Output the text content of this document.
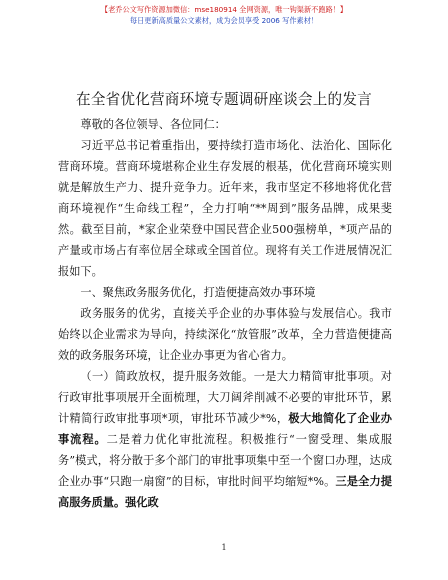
【老乔公文写作资源加微信：mse180914 全网资源，唯一钩渠新不跑路！】
每日更新高质量公文素材，成为会员享受 2006 写作素材！
在全省优化营商环境专题调研座谈会上的发言

尊敬的各位领导、各位同仁：

习近平总书记着重指出，要持续打造市场化、法治化、国际化营商环境。营商环境堪称企业生存发展的根基，优化营商环境实则就是解放生产力、提升竞争力。近年来，我市坚定不移地将优化营商环境视作“生命线工程”，全力打响“**周到”服务品牌，成果斐然。截至目前，*家企业荣登中国民营企业500强榜单，*项产品的产量或市场占有率位居全球或全国首位。现将有关工作进展情况汇报如下。

一、聚焦政务服务优化，打造便捷高效办事环境

政务服务的优劣，直接关乎企业的办事体验与发展信心。我市始终以企业需求为导向，持续深化“放管服”改革，全力营造便捷高效的政务服务环境，让企业办事更为省心省力。

（一）简政放权，提升服务效能。一是大力精简审批事项。对行政审批事项展开全面梳理，大刀阔斧削减不必要的审批环节，累计精简行政审批事项*项，审批环节减少*%，极大地简化了企业办事流程。二是着力优化审批流程。积极推行“一窗受理、集成服务”模式，将分散于多个部门的审批事项集中至一个窗口办理，达成企业办事“只跑一扇窗”的目标，审批时间平均缩短*%。三是全力提高服务质量。强化政

1
